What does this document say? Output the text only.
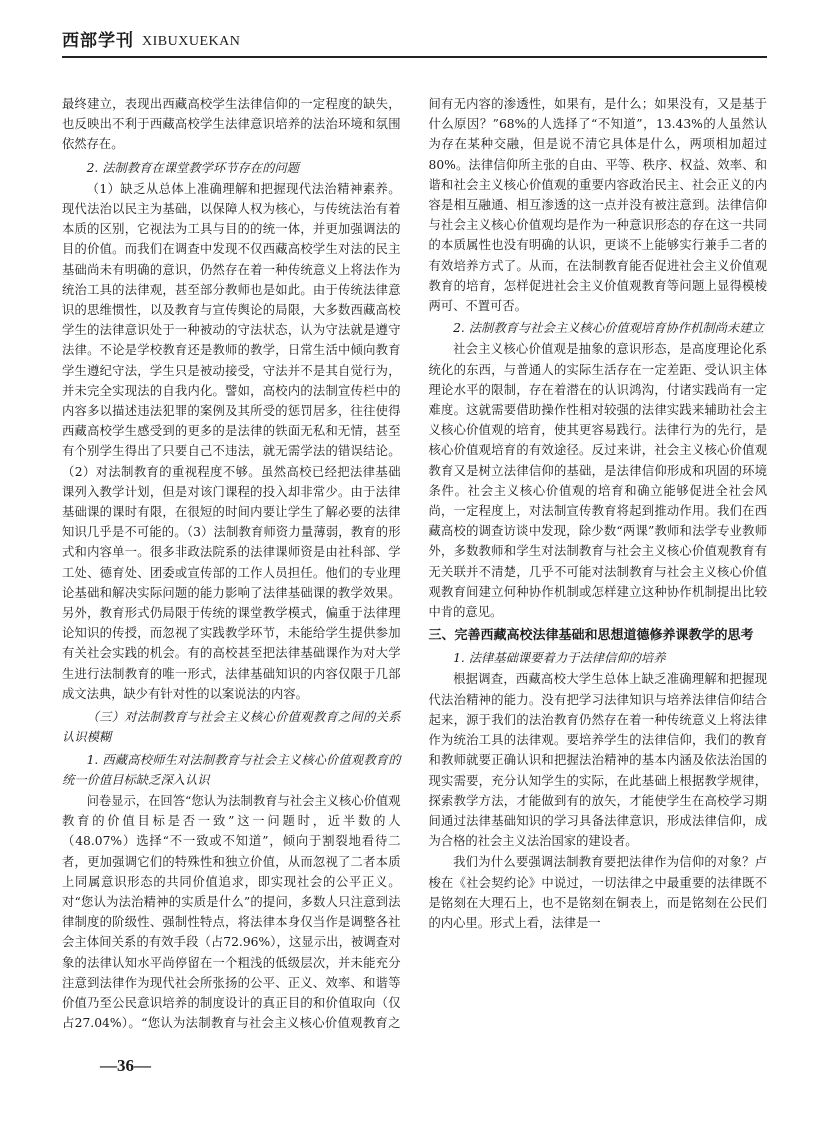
西部学刊 XIBUXUEKAN

最终建立，表现出西藏高校学生法律信仰的一定程度的缺失，也反映出不利于西藏高校学生法律意识培养的法治环境和氛围依然存在。

2. 法制教育在课堂教学环节存在的问题

（1）缺乏从总体上准确理解和把握现代法治精神素养。现代法治以民主为基础，以保障人权为核心，与传统法治有着本质的区别，它视法为工具与目的的统一体，并更加强调法的目的价值。而我们在调查中发现不仅西藏高校学生对法的民主基础尚未有明确的意识，仍然存在着一种传统意义上将法作为统治工具的法律观，甚至部分教师也是如此。由于传统法律意识的思维惯性，以及教育与宣传舆论的局限，大多数西藏高校学生的法律意识处于一种被动的守法状态，认为守法就是遵守法律。不论是学校教育还是教师的教学，日常生活中倾向教育学生遵纪守法，学生只是被动接受，守法并不是其自觉行为，并未完全实现法的自我内化。譬如，高校内的法制宣传栏中的内容多以描述违法犯罪的案例及其所受的惩罚居多，往往使得西藏高校学生感受到的更多的是法律的铁面无私和无情，甚至有个别学生得出了只要自己不违法，就无需学法的错误结论。（2）对法制教育的重视程度不够。虽然高校已经把法律基础课列入教学计划，但是对该门课程的投入却非常少。由于法律基础课的课时有限，在很短的时间内要让学生了解必要的法律知识几乎是不可能的。（3）法制教育师资力量薄弱，教育的形式和内容单一。很多非政法院系的法律课师资是由社科部、学工处、德育处、团委或宣传部的工作人员担任。他们的专业理论基础和解决实际问题的能力影响了法律基础课的教学效果。另外，教育形式仍局限于传统的课堂教学模式，偏重于法律理论知识的传授，而忽视了实践教学环节，未能给学生提供参加有关社会实践的机会。有的高校甚至把法律基础课作为对大学生进行法制教育的唯一形式，法律基础知识的内容仅限于几部成文法典，缺少有针对性的以案说法的内容。

（三）对法制教育与社会主义核心价值观教育之间的关系认识模糊
1. 西藏高校师生对法制教育与社会主义核心价值观教育的统一价值目标缺乏深入认识

问卷显示，在回答“您认为法制教育与社会主义核心价值观教育的价值目标是否一致”这一问题时，近半数的人（48.07%）选择“不一致或不知道”，倾向于割裂地看待二者，更加强调它们的特殊性和独立价值，从而忽视了二者本质上同属意识形态的共同价值追求，即实现社会的公平正义。对“您认为法治精神的实质是什么”的提问，多数人只注意到法律制度的阶级性、强制性特点，将法律本身仅当作是调整各社会主体间关系的有效手段（占72.96%），这显示出，被调查对象的法律认知水平尚停留在一个粗浅的低级层次，并未能充分注意到法律作为现代社会所张扬的公平、正义、效率、和谐等价值乃至公民意识培养的制度设计的真正目的和价值取向（仅占27.04%）。“您认为法制教育与社会主义核心价值观教育之间有无内容的渗透性，如果有，是什么；如果没有，又是基于什么原因？”68%的人选择了“不知道”，13.43%的人虽然认为存在某种交融，但是说不清它具体是什么，两项相加超过80%。法律信仰所主张的自由、平等、秩序、权益、效率、和谐和社会主义核心价值观的重要内容政治民主、社会正义的内容是相互融通、相互渗透的这一点并没有被注意到。法律信仰与社会主义核心价值观均是作为一种意识形态的存在这一共同的本质属性也没有明确的认识，更谈不上能够实行兼手二者的有效培养方式了。从而，在法制教育能否促进社会主义价值观教育的培育，怎样促进社会主义价值观教育等问题上显得模棱两可、不置可否。

2. 法制教育与社会主义核心价值观培育协作机制尚未建立

社会主义核心价值观是抽象的意识形态，是高度理论化系统化的东西，与普通人的实际生活存在一定差距、受认识主体理论水平的限制，存在着潜在的认识鸿沟，付诸实践尚有一定难度。这就需要借助操作性相对较强的法律实践来辅助社会主义核心价值观的培育，使其更容易践行。法律行为的先行，是核心价值观培育的有效途径。反过来讲，社会主义核心价值观教育又是树立法律信仰的基础，是法律信仰形成和巩固的环境条件。社会主义核心价值观的培育和确立能够促进全社会风尚，一定程度上，对法制宣传教育将起到推动作用。我们在西藏高校的调查访谈中发现，除少数“两课”教师和法学专业教师外，多数教师和学生对法制教育与社会主义核心价值观教育有无关联并不清楚，几乎不可能对法制教育与社会主义核心价值观教育间建立何种协作机制或怎样建立这种协作机制提出比较中肯的意见。

三、完善西藏高校法律基础和思想道德修养课教学的思考
1. 法律基础课要着力于法律信仰的培养

根据调查，西藏高校大学生总体上缺乏准确理解和把握现代法治精神的能力。没有把学习法律知识与培养法律信仰结合起来，源于我们的法治教育仍然存在着一种传统意义上将法律作为统治工具的法律观。要培养学生的法律信仰，我们的教育和教师就要正确认识和把握法治精神的基本内涵及依法治国的现实需要，充分认知学生的实际，在此基础上根据教学规律，探索教学方法，才能做到有的放矢，才能使学生在高校学习期间通过法律基础知识的学习具备法律意识，形成法律信仰，成为合格的社会主义法治国家的建设者。

我们为什么要强调法制教育要把法律作为信仰的对象？卢梭在《社会契约论》中说过，一切法律之中最重要的法律既不是铭刻在大理石上，也不是铭刻在铜表上，而是铭刻在公民们的内心里。形式上看，法律是一

—36—
